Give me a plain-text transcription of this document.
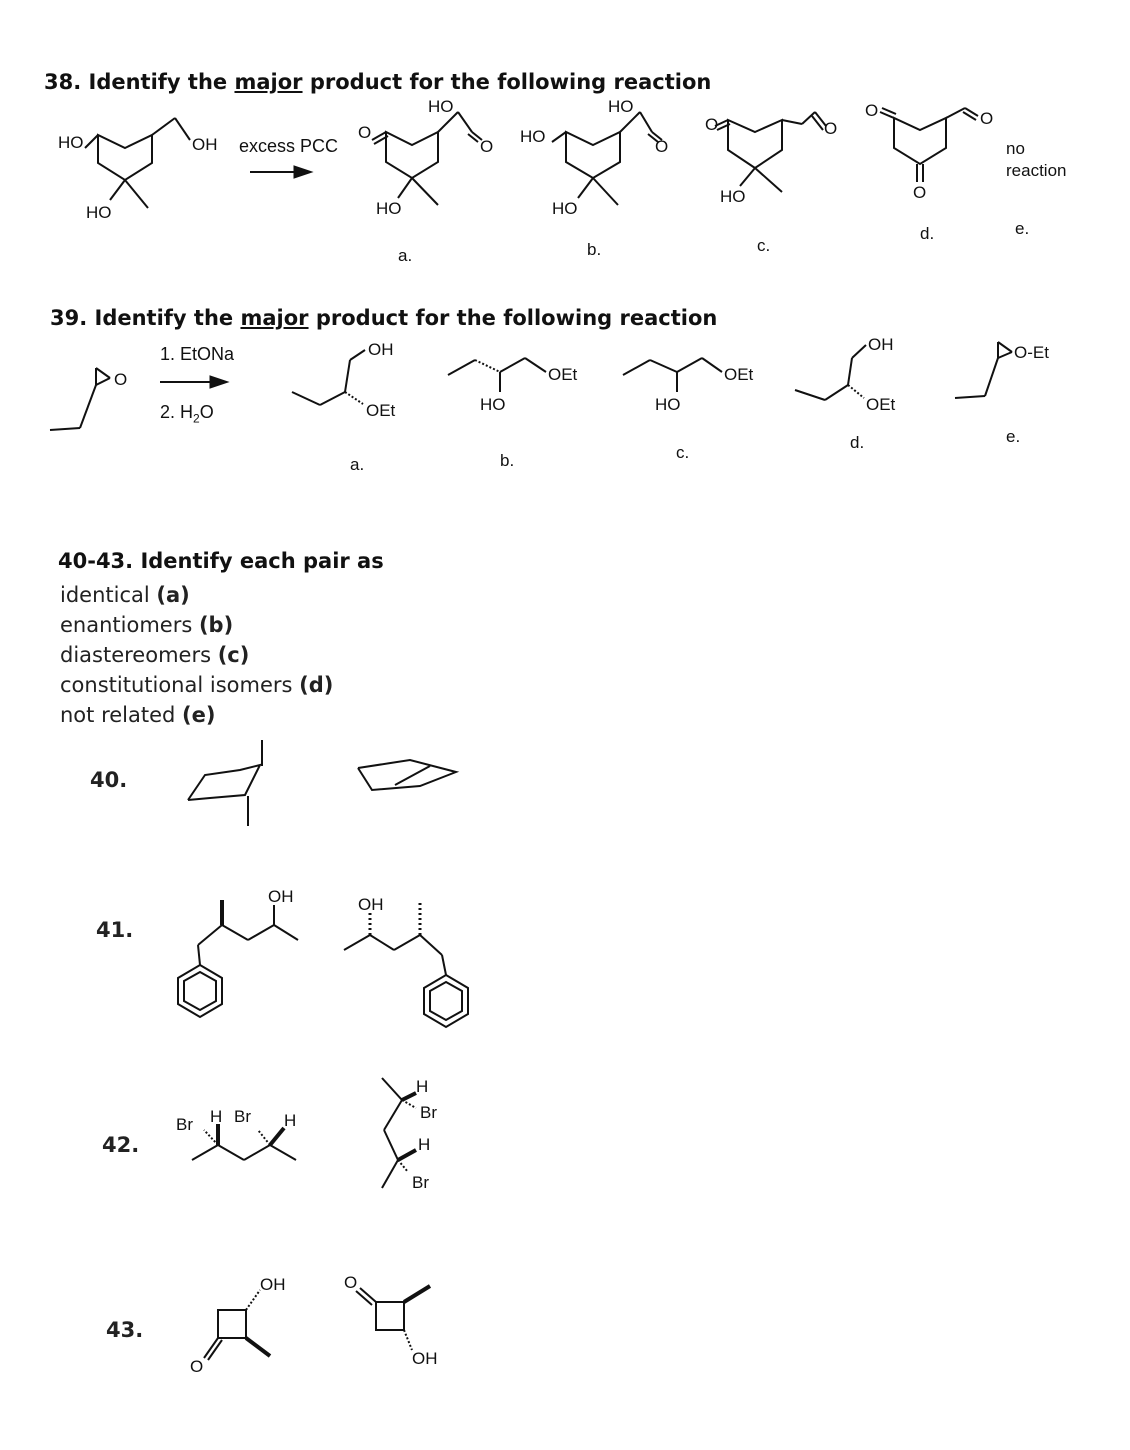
38. Identify the major product for the following reaction
HO	OH
HO
HO
O
O
HO
HO
HO
O
HO
O	O
HO
O	O
O
excess PCC	no
reaction
a.	b.	c.
d.	e.
39. Identify the major product for the following reaction
1. EtONa
2. $H_2O$
O
OH
OEt
OEt
HO
OEt
HO
OH
OEt
O-Et
a.	b.	c.
d.	e.
40-43. Identify each pair as
identical (a)
enantiomers (b)
diastereomers (c)
constitutional isomers (d)
not related (e)
40.
41.
42.
43.
OH	OH
Br H Br H
H
Br
H
Br
OH
O
O
OH
